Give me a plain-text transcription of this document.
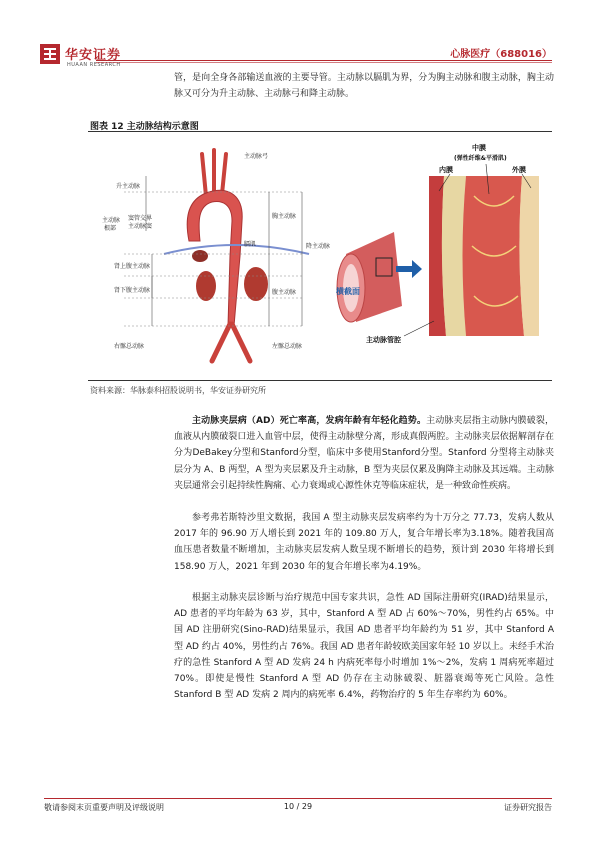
华安证券
HUAAN RESEARCH
心脉医疗（688016）

管，是向全身各部输送血液的主要导管。主动脉以膈肌为界，分为胸主动脉和腹主动脉，胸主动脉又可分为升主动脉、主动脉弓和降主动脉。

图表 12 主动脉结构示意图
主动脉弓
升主动脉
主动脉
根部
窦管交界
主动脉窦
胸主动脉
膈肌	降主动脉
肾上腹主动脉
肾下腹主动脉	腹主动脉
右髂总动脉	左髂总动脉
横截面
中膜
(弹性纤维&平滑肌)
内膜	外膜
主动脉管腔
资料来源：华脉泰科招股说明书，华安证券研究所

主动脉夹层病（AD）死亡率高，发病年龄有年轻化趋势。主动脉夹层指主动脉内膜破裂，血液从内膜破裂口进入血管中层，使得主动脉壁分离，形成真假两腔。主动脉夹层依据解剖存在分为DeBakey分型和Stanford分型，临床中多使用Stanford分型。Stanford 分型将主动脉夹层分为 A、B 两型，A 型为夹层累及升主动脉，B 型为夹层仅累及胸降主动脉及其远端。主动脉夹层通常会引起持续性胸痛、心力衰竭或心源性休克等临床症状，是一种致命性疾病。

参考弗若斯特沙里文数据，我国 A 型主动脉夹层发病率约为十万分之 77.73，发病人数从2017 年的 96.90 万人增长到 2021 年的 109.80 万人，复合年增长率为3.18%。随着我国高血压患者数量不断增加，主动脉夹层发病人数呈现不断增长的趋势，预计到 2030 年将增长到 158.90 万人，2021 年到 2030 年的复合年增长率为4.19%。

根据主动脉夹层诊断与治疗规范中国专家共识，急性 AD 国际注册研究(IRAD)结果显示，AD 患者的平均年龄为 63 岁，其中，Stanford A 型 AD 占 60%～70%，男性约占 65%。中国 AD 注册研究(Sino-RAD)结果显示，我国 AD 患者平均年龄约为 51 岁，其中 Stanford A 型 AD 约占 40%，男性约占 76%。我国 AD 患者年龄较欧美国家年轻 10 岁以上。未经手术治疗的急性 Stanford A 型 AD 发病 24 h 内病死率每小时增加 1%～2%，发病 1 周病死率超过 70%。即使是慢性 Stanford A 型 AD 仍存在主动脉破裂、脏器衰竭等死亡风险。急性 Stanford B 型 AD 发病 2 周内的病死率 6.4%，药物治疗的 5 年生存率约为 60%。

敬请参阅末页重要声明及评级说明	10 / 29	证券研究报告
